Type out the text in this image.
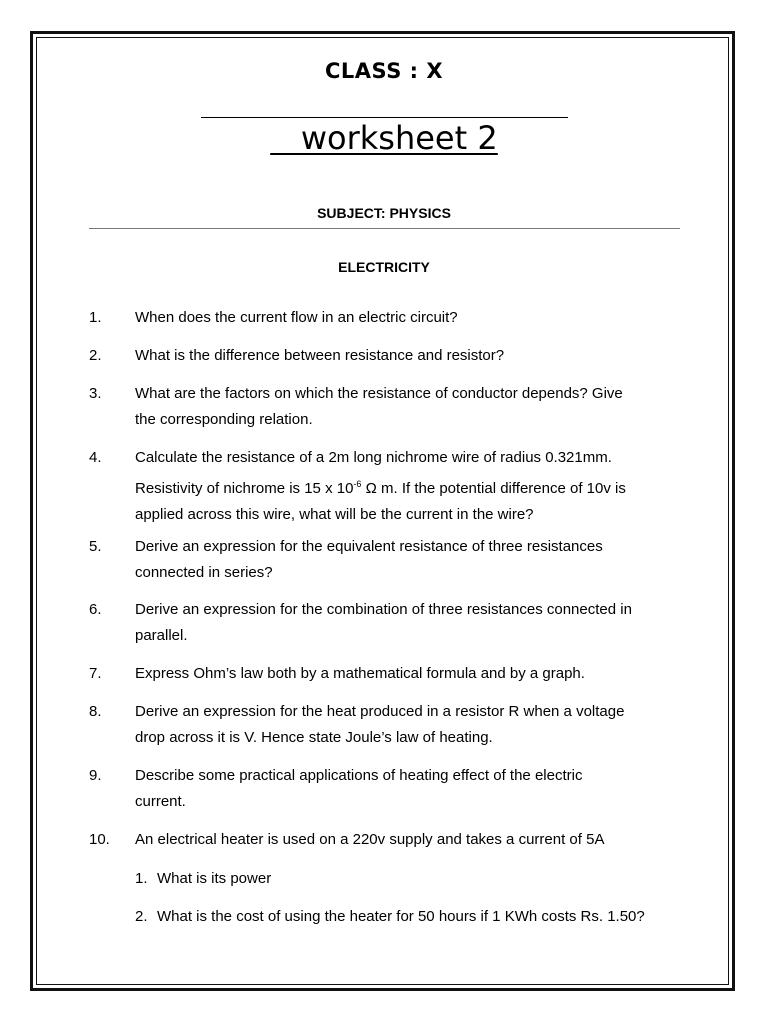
CLASS : X
worksheet 2
SUBJECT: PHYSICS
ELECTRICITY
1. When does the current flow in an electric circuit?
2. What is the difference between resistance and resistor?
3. What are the factors on which the resistance of conductor depends? Give
the corresponding relation.
4. Calculate the resistance of a 2m long nichrome wire of radius 0.321mm.
Resistivity of nichrome is 15 x $10^{-6}$ Ω m. If the potential difference of 10v is
applied across this wire, what will be the current in the wire?
5. Derive an expression for the equivalent resistance of three resistances
connected in series?
6. Derive an expression for the combination of three resistances connected in
parallel.
7. Express Ohm’s law both by a mathematical formula and by a graph.
8. Derive an expression for the heat produced in a resistor R when a voltage
drop across it is V. Hence state Joule’s law of heating.
9. Describe some practical applications of heating effect of the electric
current.
10. An electrical heater is used on a 220v supply and takes a current of 5A
1. What is its power
2. What is the cost of using the heater for 50 hours if 1 KWh costs Rs. 1.50?
